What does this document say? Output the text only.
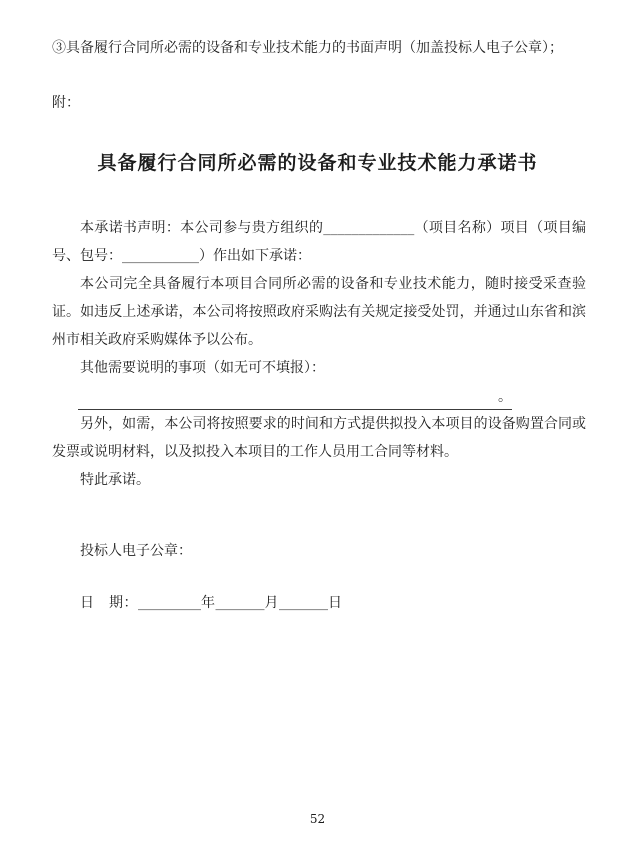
③具备履行合同所必需的设备和专业技术能力的书面声明（加盖投标人电子公章）；

附：

具备履行合同所必需的设备和专业技术能力承诺书

本承诺书声明：本公司参与贵方组织的_____________（项目名称）项目（项目编号、包号：___________）作出如下承诺：

本公司完全具备履行本项目合同所必需的设备和专业技术能力，随时接受采查验证。如违反上述承诺，本公司将按照政府采购法有关规定接受处罚，并通过山东省和滨州市相关政府采购媒体予以公布。

其他需要说明的事项（如无可不填报）：

。

另外，如需，本公司将按照要求的时间和方式提供拟投入本项目的设备购置合同或发票或说明材料，以及拟投入本项目的工作人员用工合同等材料。

特此承诺。

投标人电子公章：

日　期：_________年_______月_______日

52
